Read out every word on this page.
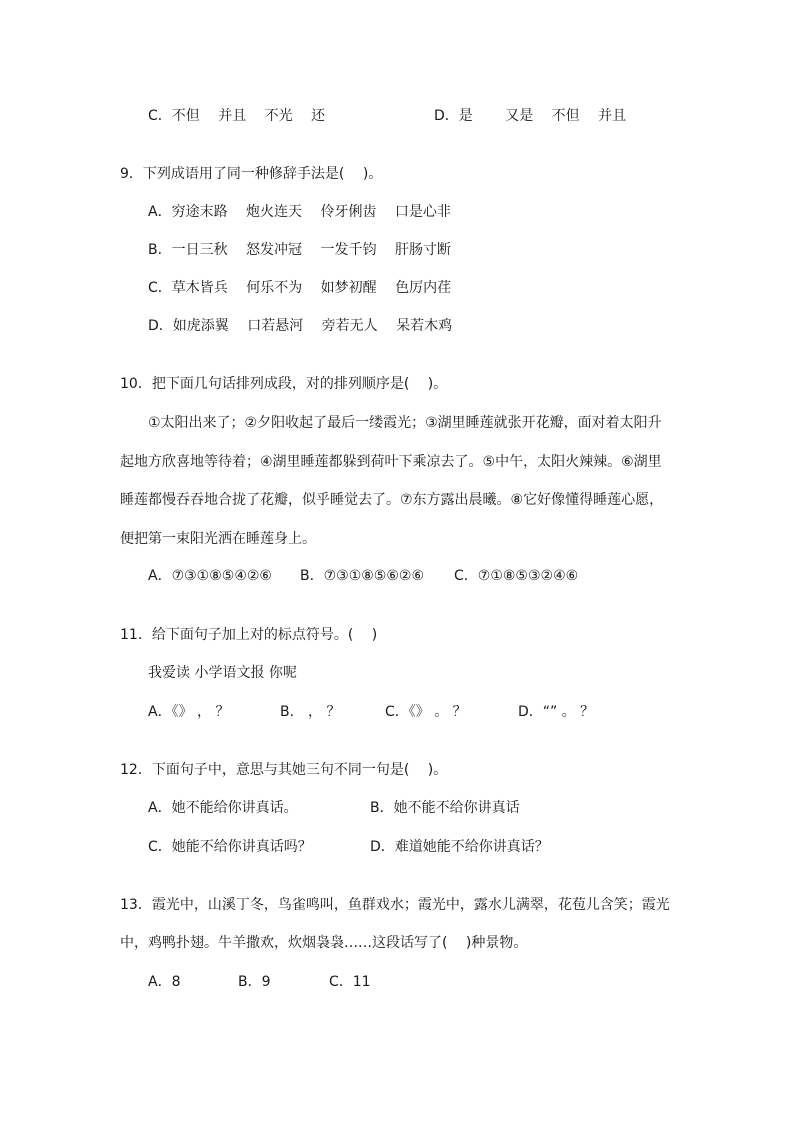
C．不但　 并且　 不光　 还	D．是　　 又是　 不但　 并且
9．下列成语用了同一种修辞手法是(　 )。
A．穷途末路　 炮火连天　 伶牙俐齿　 口是心非
B．一日三秋　 怒发冲冠　 一发千钧　 肝肠寸断
C．草木皆兵　 何乐不为　 如梦初醒　 色厉内荏
D．如虎添翼　 口若悬河　 旁若无人　 呆若木鸡
10．把下面几句话排列成段，对的排列顺序是(　 )。
　　①太阳出来了；②夕阳收起了最后一缕霞光；③湖里睡莲就张开花瓣，面对着太阳升
起地方欣喜地等待着；④湖里睡莲都躲到荷叶下乘凉去了。⑤中午，太阳火辣辣。⑥湖里
睡莲都慢吞吞地合拢了花瓣，似乎睡觉去了。⑦东方露出晨曦。⑧它好像懂得睡莲心愿，
便把第一束阳光洒在睡莲身上。
A．⑦③①⑧⑤④②⑥ B．⑦③①⑧⑤⑥②⑥ C．⑦①⑧⑤③②④⑥
11．给下面句子加上对的标点符号。(　 )
我爱读 小学语文报 你呢
A．《》 ， ？	B． ， ？	C．《》 。 ？	D．“” 。 ？
12．下面句子中，意思与其她三句不同一句是(　 )。
A．她不能给你讲真话。	B．她不能不给你讲真话
C．她能不给你讲真话吗？	D．难道她能不给你讲真话？
13．霞光中，山溪丁冬，鸟雀鸣叫，鱼群戏水；霞光中，露水儿满翠，花苞儿含笑；霞光
中，鸡鸭扑翅。牛羊撒欢，炊烟袅袅……这段话写了(　 )种景物。
A．8	B．9	C．11
